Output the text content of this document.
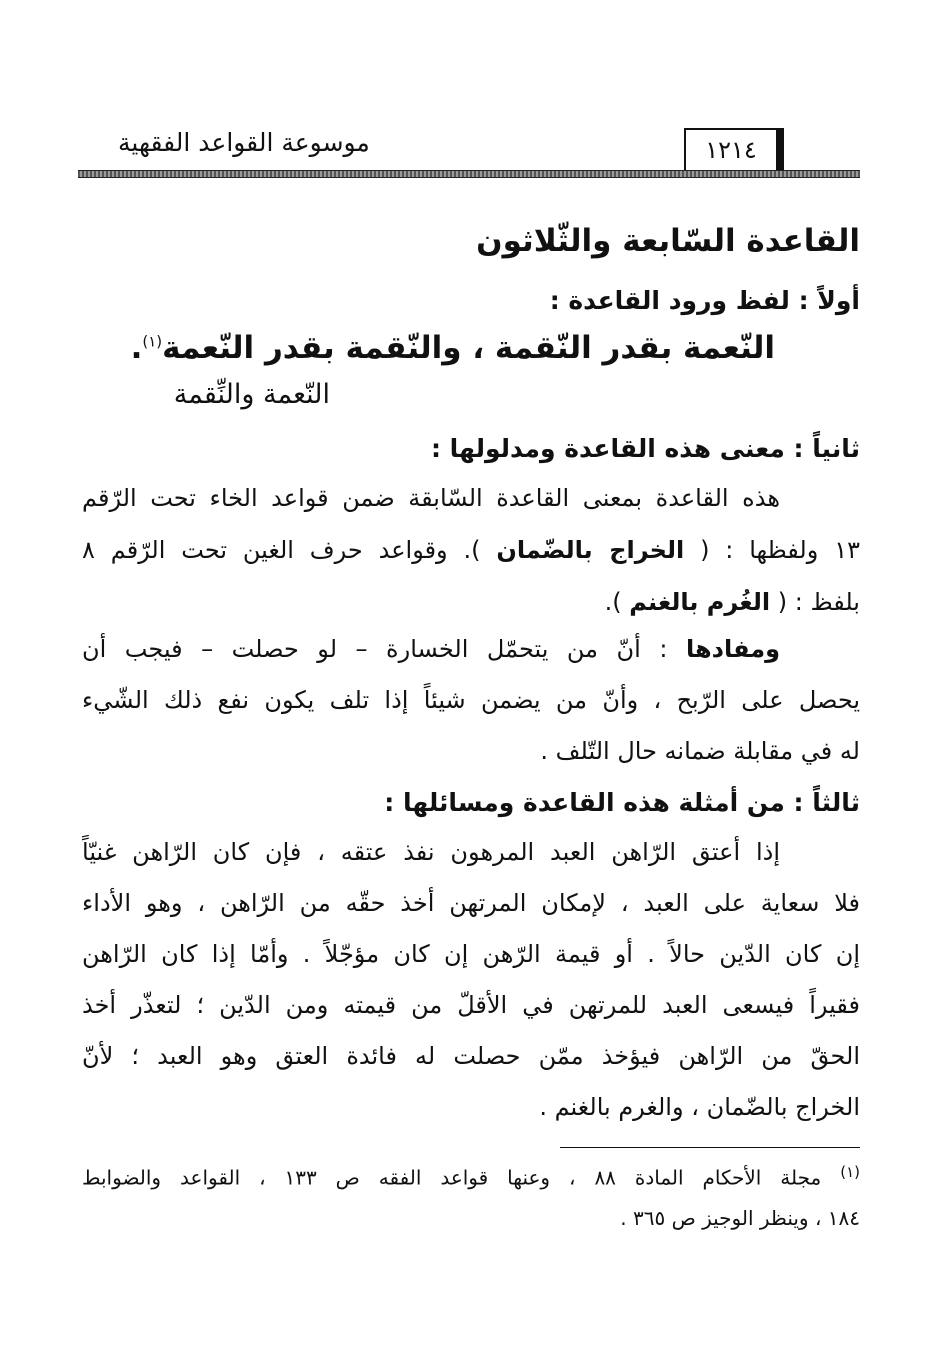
موسوعة القواعد الفقهية	١٢١٤
القاعدة السّابعة والثّلاثون
أولاً : لفظ ورود القاعدة :
النّعمة بقدر النّقمة ، والنّقمة بقدر النّعمة$^{(١)}$.
النّعمة والنِّقمة
ثانياً : معنى هذه القاعدة ومدلولها :
هذه القاعدة بمعنى القاعدة السّابقة ضمن قواعد الخاء تحت الرّقم
١٣ ولفظها : ( الخراج بالضّمان ). وقواعد حرف الغين تحت الرّقم ٨
بلفظ : ( الغُرم بالغنم ).
ومفادها : أنّ من يتحمّل الخسارة – لو حصلت – فيجب أن
يحصل على الرّبح ، وأنّ من يضمن شيئاً إذا تلف يكون نفع ذلك الشّيء
له في مقابلة ضمانه حال التّلف .
ثالثاً : من أمثلة هذه القاعدة ومسائلها :
إذا أعتق الرّاهن العبد المرهون نفذ عتقه ، فإن كان الرّاهن غنيّاً
فلا سعاية على العبد ، لإمكان المرتهن أخذ حقّه من الرّاهن ، وهو الأداء
إن كان الدّين حالاً . أو قيمة الرّهن إن كان مؤجّلاً . وأمّا إذا كان الرّاهن
فقيراً فيسعى العبد للمرتهن في الأقلّ من قيمته ومن الدّين ؛ لتعذّر أخذ
الحقّ من الرّاهن فيؤخذ ممّن حصلت له فائدة العتق وهو العبد ؛ لأنّ
الخراج بالضّمان ، والغرم بالغنم .
$^{(١)}$ مجلة الأحكام المادة ٨٨ ، وعنها قواعد الفقه ص ١٣٣ ، القواعد والضوابط
١٨٤ ، وينظر الوجيز ص ٣٦٥ .
